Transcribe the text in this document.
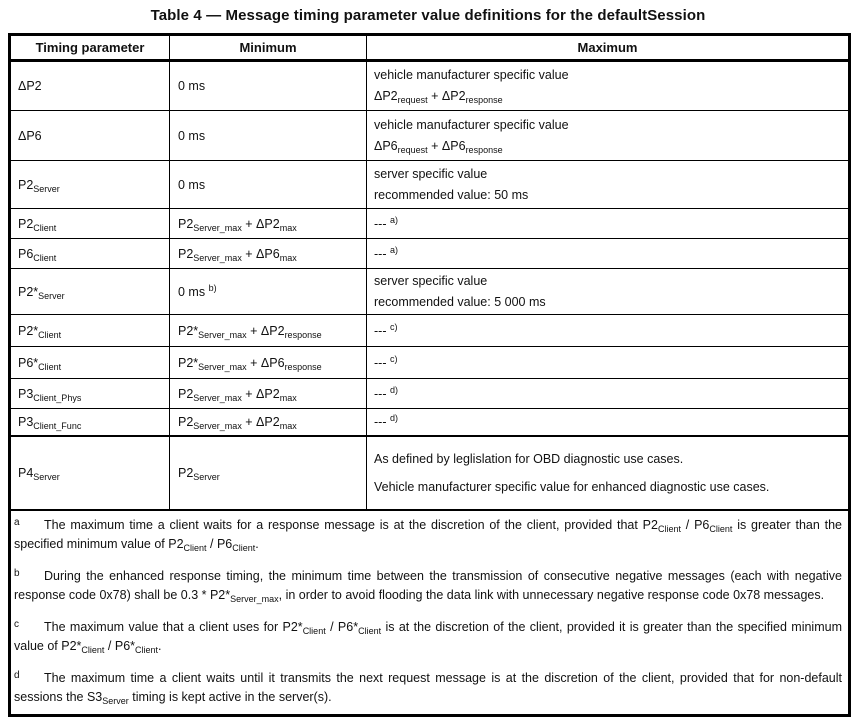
Table 4 — Message timing parameter value definitions for the defaultSession
Timing parameter	Minimum	Maximum
ΔP2	0 ms	vehicle manufacturer specific value
$\Delta P2_{request} + \Delta P2_{response}$

ΔP6	0 ms	vehicle manufacturer specific value
$\Delta P6_{request} + \Delta P6_{response}$

$P2_{Server}$	0 ms	server specific value
recommended value: 50 ms

$P2_{Client}$	$P2_{Server\_max} + \Delta P2_{max}$	--- $^{a)}$
$P6_{Client}$	$P2_{Server\_max} + \Delta P6_{max}$	--- $^{a)}$
$P2*_{Server}$	0 ms $^{b)}$	server specific value
recommended value: 5 000 ms

$P2*_{Client}$	$P2*_{Server\_max} + \Delta P2_{response}$	--- $^{c)}$
$P6*_{Client}$	$P2*_{Server\_max} + \Delta P6_{response}$	--- $^{c)}$
$P3_{Client\_Phys}$	$P2_{Server\_max} + \Delta P2_{max}$	--- $^{d)}$
$P3_{Client\_Func}$	$P2_{Server\_max} + \Delta P2_{max}$	--- $^{d)}$
$P4_{Server}$	$P2_{Server}$	As defined by leglislation for OBD diagnostic use cases.
Vehicle manufacturer specific value for enhanced diagnostic use cases.

$^a$ The maximum time a client waits for a response message is at the discretion of the client, provided that $P2_{Client} / P6_{Client}$ is greater than the specified minimum value of $P2_{Client} / P6_{Client}$.

$^b$ During the enhanced response timing, the minimum time between the transmission of consecutive negative messages (each with negative response code 0x78) shall be $0.3 * P2*_{Server\_max}$, in order to avoid flooding the data link with unnecessary negative response code 0x78 messages.

$^c$ The maximum value that a client uses for $P2*_{Client} / P6*_{Client}$ is at the discretion of the client, provided it is greater than the specified minimum value of $P2*_{Client} / P6*_{Client}$.

$^d$ The maximum time a client waits until it transmits the next request message is at the discretion of the client, provided that for non-default sessions the $S3_{Server}$ timing is kept active in the server(s).		
